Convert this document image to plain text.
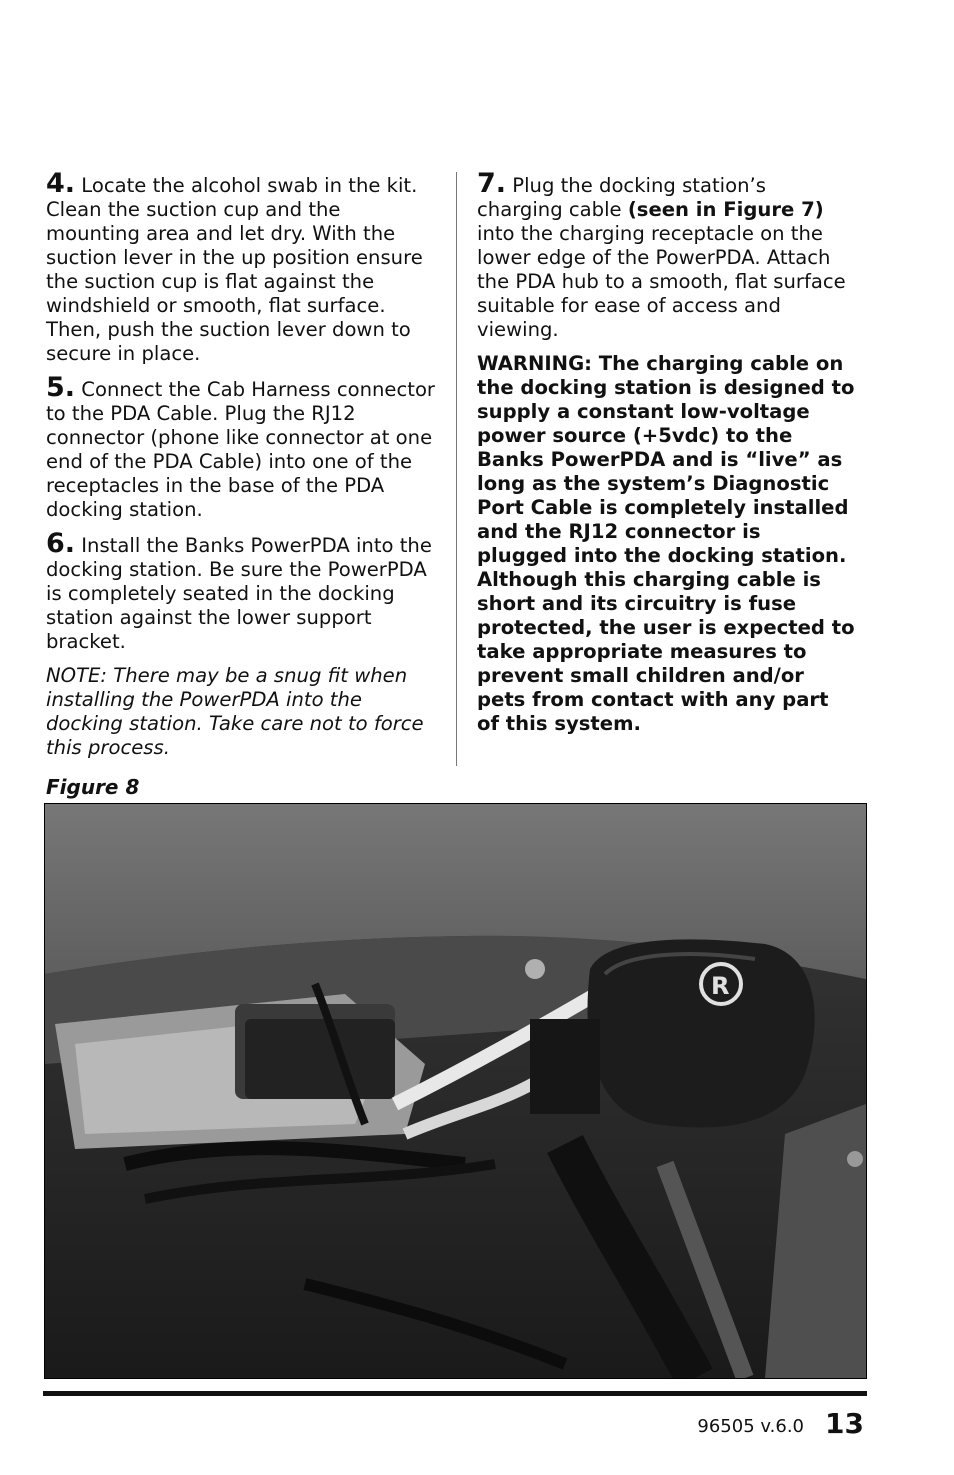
4. Locate the alcohol swab in the kit. Clean the suction cup and the mounting area and let dry. With the suction lever in the up position ensure the suction cup is flat against the windshield or smooth, flat surface. Then, push the suction lever down to secure in place.

5. Connect the Cab Harness connector to the PDA Cable. Plug the RJ12 connector (phone like connector at one end of the PDA Cable) into one of the receptacles in the base of the PDA docking station.

6. Install the Banks PowerPDA into the docking station. Be sure the PowerPDA is completely seated in the docking station against the lower support bracket.

NOTE: There may be a snug fit when installing the PowerPDA into the docking station. Take care not to force this process.

7. Plug the docking station’s charging cable (seen in Figure 7) into the charging receptacle on the lower edge of the PowerPDA. Attach the PDA hub to a smooth, flat surface suitable for ease of access and viewing.

WARNING: The charging cable on the docking station is designed to supply a constant low-voltage power source (+5vdc) to the Banks PowerPDA and is “live” as long as the system’s Diagnostic Port Cable is completely installed and the RJ12 connector is plugged into the docking station. Although this charging cable is short and its circuitry is fuse protected, the user is expected to take appropriate measures to prevent small children and/or pets from contact with any part of this system.

Figure 8
R
96505 v.6.0 13
